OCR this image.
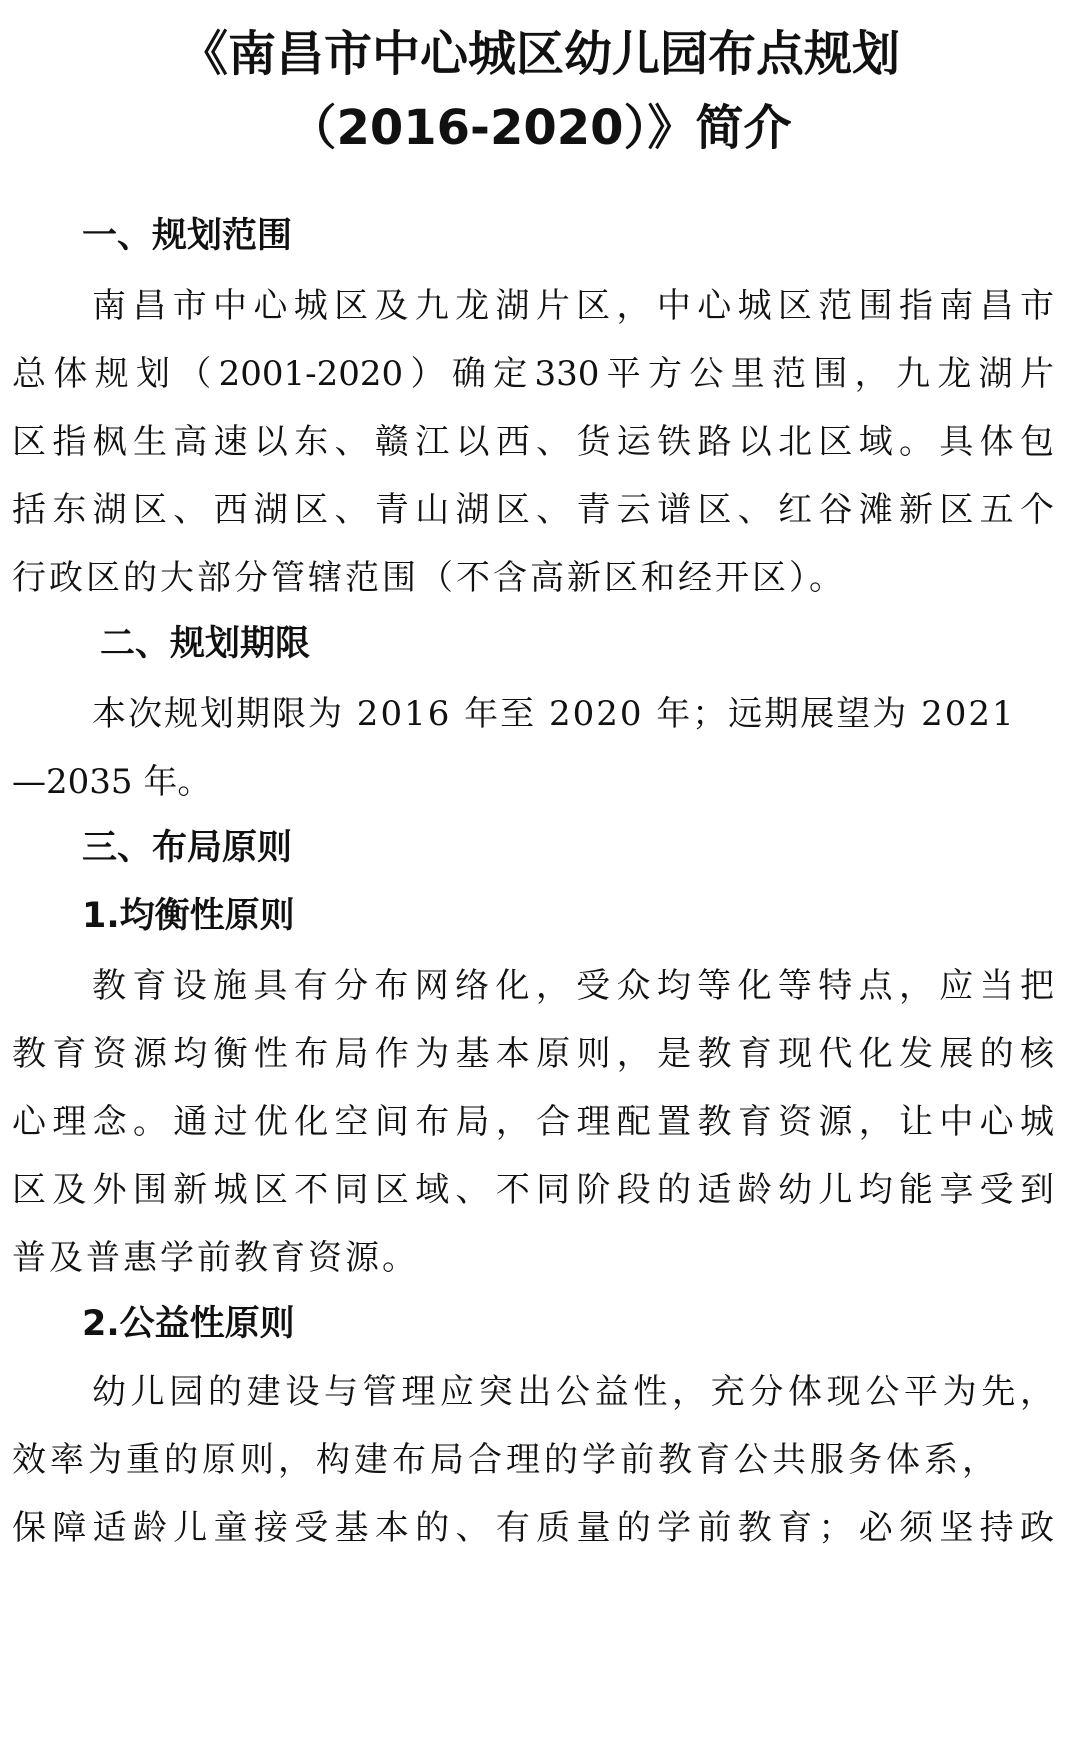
《南昌市中心城区幼儿园布点规划
（2016-2020）》简介
一、规划范围
南昌市中心城区及九龙湖片区，中心城区范围指南昌市
总体规划（2001-2020）确定330平方公里范围，九龙湖片
区指枫生高速以东、赣江以西、货运铁路以北区域。具体包
括东湖区、西湖区、青山湖区、青云谱区、红谷滩新区五个
行政区的大部分管辖范围（不含高新区和经开区）。
二、规划期限
本次规划期限为 2016 年至 2020 年；远期展望为 2021
—2035 年。
三、布局原则
1.均衡性原则
教育设施具有分布网络化，受众均等化等特点，应当把
教育资源均衡性布局作为基本原则，是教育现代化发展的核
心理念。通过优化空间布局，合理配置教育资源，让中心城
区及外围新城区不同区域、不同阶段的适龄幼儿均能享受到
普及普惠学前教育资源。
2.公益性原则
幼儿园的建设与管理应突出公益性，充分体现公平为先，
效率为重的原则，构建布局合理的学前教育公共服务体系，
保障适龄儿童接受基本的、有质量的学前教育；必须坚持政
